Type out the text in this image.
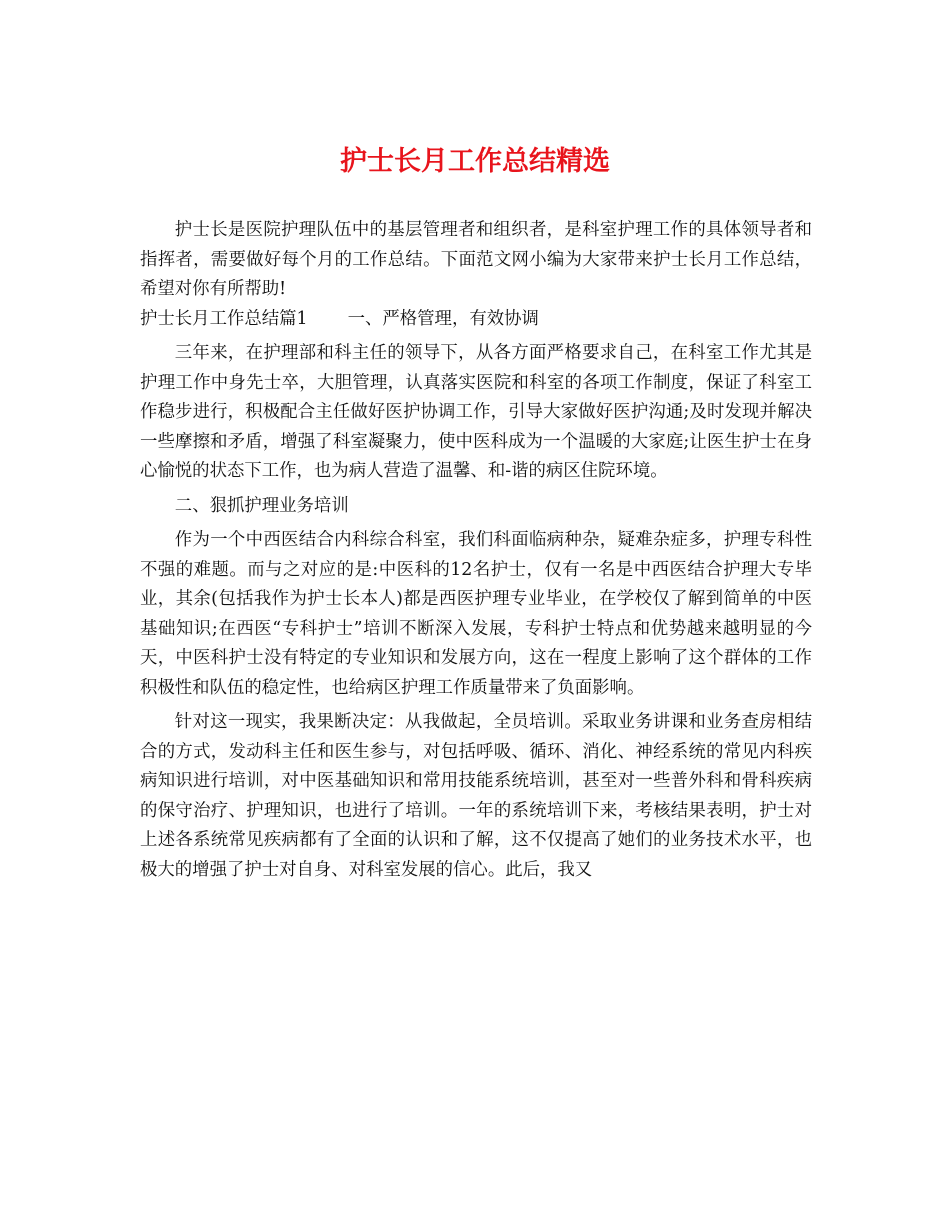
护士长月工作总结精选

护士长是医院护理队伍中的基层管理者和组织者，是科室护理工作的具体领导者和指挥者，需要做好每个月的工作总结。下面范文网小编为大家带来护士长月工作总结，希望对你有所帮助!

护士长月工作总结篇1 一、严格管理，有效协调

三年来，在护理部和科主任的领导下，从各方面严格要求自己，在科室工作尤其是护理工作中身先士卒，大胆管理，认真落实医院和科室的各项工作制度，保证了科室工作稳步进行，积极配合主任做好医护协调工作，引导大家做好医护沟通;及时发现并解决一些摩擦和矛盾，增强了科室凝聚力，使中医科成为一个温暖的大家庭;让医生护士在身心愉悦的状态下工作，也为病人营造了温馨、和-谐的病区住院环境。

二、狠抓护理业务培训

作为一个中西医结合内科综合科室，我们科面临病种杂，疑难杂症多，护理专科性不强的难题。而与之对应的是:中医科的12名护士，仅有一名是中西医结合护理大专毕业，其余(包括我作为护士长本人)都是西医护理专业毕业，在学校仅了解到简单的中医基础知识;在西医“专科护士”培训不断深入发展，专科护士特点和优势越来越明显的今天，中医科护士没有特定的专业知识和发展方向，这在一程度上影响了这个群体的工作积极性和队伍的稳定性，也给病区护理工作质量带来了负面影响。

针对这一现实，我果断决定：从我做起，全员培训。采取业务讲课和业务查房相结合的方式，发动科主任和医生参与，对包括呼吸、循环、消化、神经系统的常见内科疾病知识进行培训，对中医基础知识和常用技能系统培训，甚至对一些普外科和骨科疾病的保守治疗、护理知识，也进行了培训。一年的系统培训下来，考核结果表明，护士对上述各系统常见疾病都有了全面的认识和了解，这不仅提高了她们的业务技术水平，也极大的增强了护士对自身、对科室发展的信心。此后，我又
